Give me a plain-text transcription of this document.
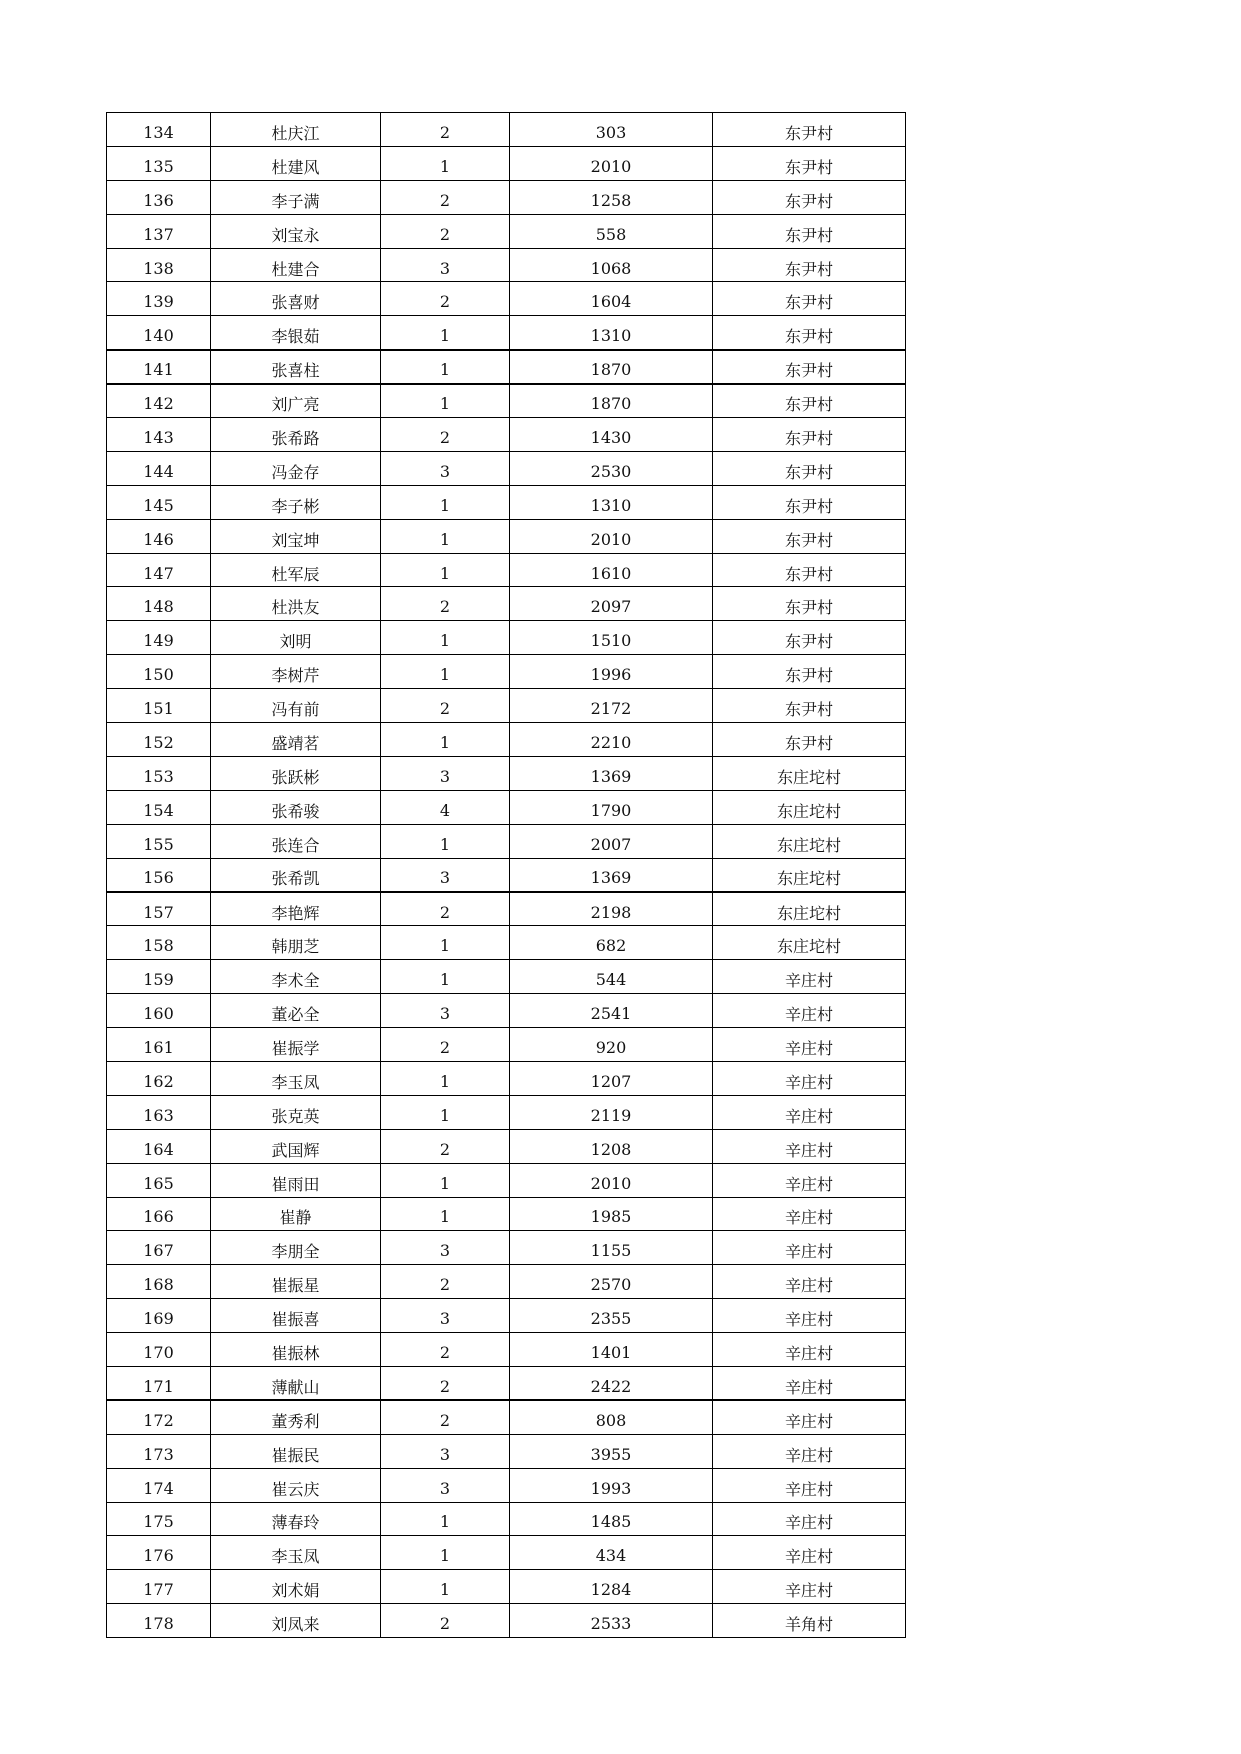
134	杜庆江	2	303	东尹村
135	杜建风	1	2010	东尹村
136	李子满	2	1258	东尹村
137	刘宝永	2	558	东尹村
138	杜建合	3	1068	东尹村
139	张喜财	2	1604	东尹村
140	李银茹	1	1310	东尹村
141	张喜柱	1	1870	东尹村
142	刘广亮	1	1870	东尹村
143	张希路	2	1430	东尹村
144	冯金存	3	2530	东尹村
145	李子彬	1	1310	东尹村
146	刘宝坤	1	2010	东尹村
147	杜军辰	1	1610	东尹村
148	杜洪友	2	2097	东尹村
149	刘明	1	1510	东尹村
150	李树芹	1	1996	东尹村
151	冯有前	2	2172	东尹村
152	盛靖茗	1	2210	东尹村
153	张跃彬	3	1369	东庄坨村
154	张希骏	4	1790	东庄坨村
155	张连合	1	2007	东庄坨村
156	张希凯	3	1369	东庄坨村
157	李艳辉	2	2198	东庄坨村
158	韩朋芝	1	682	东庄坨村
159	李术全	1	544	辛庄村
160	董必全	3	2541	辛庄村
161	崔振学	2	920	辛庄村
162	李玉凤	1	1207	辛庄村
163	张克英	1	2119	辛庄村
164	武国辉	2	1208	辛庄村
165	崔雨田	1	2010	辛庄村
166	崔静	1	1985	辛庄村
167	李朋全	3	1155	辛庄村
168	崔振星	2	2570	辛庄村
169	崔振喜	3	2355	辛庄村
170	崔振林	2	1401	辛庄村
171	薄献山	2	2422	辛庄村
172	董秀利	2	808	辛庄村
173	崔振民	3	3955	辛庄村
174	崔云庆	3	1993	辛庄村
175	薄春玲	1	1485	辛庄村
176	李玉凤	1	434	辛庄村
177	刘术娟	1	1284	辛庄村
178	刘凤来	2	2533	羊角村
